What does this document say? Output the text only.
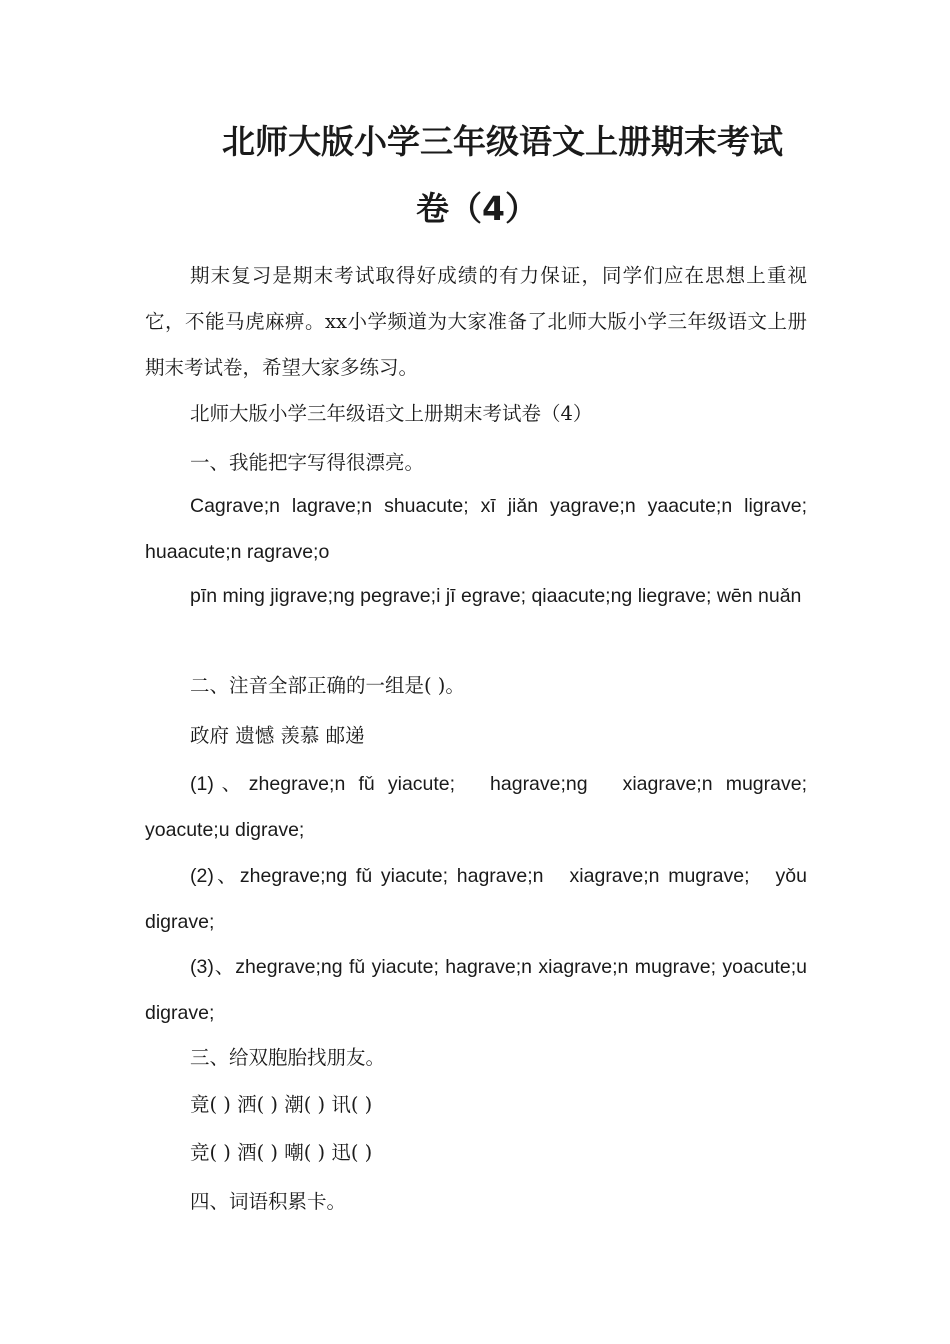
北师大版小学三年级语文上册期末考试
卷（4）

期末复习是期末考试取得好成绩的有力保证，同学们应在思想上重视它，不能马虎麻痹。xx小学频道为大家准备了北师大版小学三年级语文上册期末考试卷，希望大家多练习。

北师大版小学三年级语文上册期末考试卷（4）

一、我能把字写得很漂亮。

Cagrave;n lagrave;n shuacute; xī jiǎn yagrave;n yaacute;n ligrave; huaacute;n ragrave;o

pīn ming jigrave;ng pegrave;i jī egrave; qiaacute;ng liegrave; wēn nuǎn

二、注音全部正确的一组是( )。

政府 遗憾 羡慕 邮递

(1)、zhegrave;n fǔ yiacute;　hagrave;ng　xiagrave;n mugrave; yoacute;u digrave;

(2)、zhegrave;ng fǔ yiacute; hagrave;n　xiagrave;n mugrave;　yǒu digrave;

(3)、zhegrave;ng fǔ yiacute; hagrave;n xiagrave;n mugrave; yoacute;u digrave;

三、给双胞胎找朋友。

竟( ) 洒( ) 潮( ) 讯( )

竞( ) 酒( ) 嘲( ) 迅( )

四、词语积累卡。
